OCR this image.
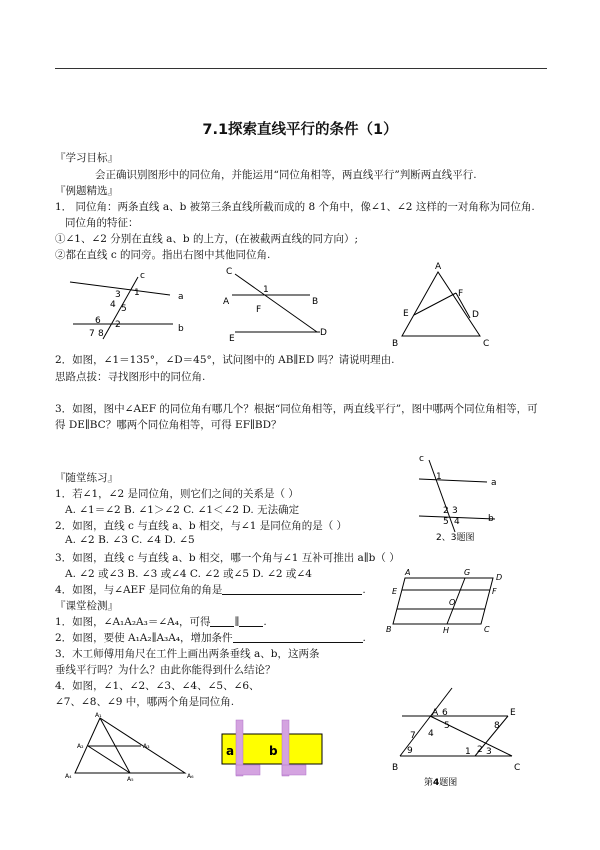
7.1探索直线平行的条件（1）
『学习目标』
会正确识别图形中的同位角，并能运用“同位角相等，两直线平行”判断两直线平行.
『例题精选』
1． 同位角：两条直线 a、b 被第三条直线所截而成的 8 个角中，像∠1、∠2 这样的一对角称为同位角.
同位角的特征：
①∠1、∠2 分别在直线 a、b 的上方，(在被截两直线的同方向）;
②都在直线 c 的同旁。指出右图中其他同位角.
c
a
b
1
2
3
4 5
6
7 8
C
1
A	B
F
E
D
A
E
F
D
B	C
2．如图，∠1＝135°，∠D＝45°，试问图中的 AB∥ED 吗？请说明理由.
思路点拔：寻找图形中的同位角.
3．如图，图中∠AEF 的同位角有哪几个？根据“同位角相等，两直线平行”，图中哪两个同位角相等，可
得 DE∥BC？哪两个同位角相等，可得 EF∥BD？
c
1
a
2 3
5 4	b
2、3题图
『随堂练习』
1．若∠1，∠2 是同位角，则它们之间的关系是（ ）
A. ∠1＝∠2 B. ∠1＞∠2 C. ∠1＜∠2 D. 无法确定
2．如图，直线 c 与直线 a、b 相交，与∠1 是同位角的是（ ）
A. ∠2 B. ∠3 C. ∠4 D. ∠5
3．如图，直线 c 与直线 a、b 相交，哪一个角与∠1 互补可推出 a∥b（ ）
A. ∠2 或∠3 B. ∠3 或∠4 C. ∠2 或∠5 D. ∠2 或∠4
4．如图，与∠AEF 是同位角的角是	.
A
E
B	C
O
D
F
G
H
『课堂检测』
1．如图，∠A₁A₂A₃＝∠A₄，可得 ∥ .
2．如图，要使 A₁A₂∥A₃A₄，增加条件	.
3．木工师傅用角尺在工件上画出两条垂线 a、b，这两条
垂线平行吗？为什么？由此你能得到什么结论？
4．如图，∠1、∠2、∠3、∠4、∠5、∠6、
∠7、∠8、∠9 中，哪两个角是同位角.
A₁
A₂	A₃
A₄	A₅	A₆
a	b
A 6
5	8
E
7 4
9	1 2 3
B	C
第4题图
